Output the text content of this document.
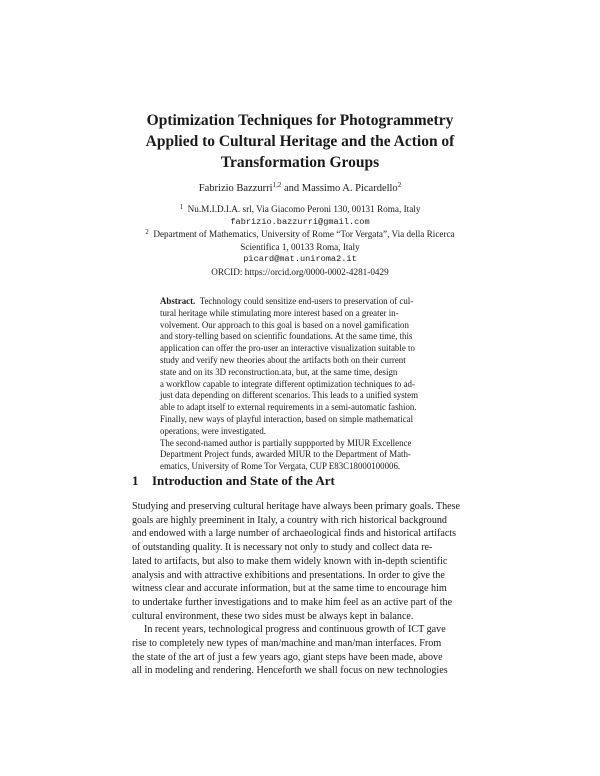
Optimization Techniques for Photogrammetry
Applied to Cultural Heritage and the Action of
Transformation Groups
Fabrizio Bazzurri$^{1,2}$ and Massimo A. Picardello$^2$
$^1$ Nu.M.I.D.I.A. srl, Via Giacomo Peroni 130, 00131 Roma, Italy
fabrizio.bazzurri@gmail.com
$^2$ Department of Mathematics, University of Rome “Tor Vergata”, Via della Ricerca
Scientifica 1, 00133 Roma, Italy
picard@mat.uniroma2.it
ORCID: https://orcid.org/0000-0002-4281-0429
Abstract. Technology could sensitize end-users to preservation of cul-
tural heritage while stimulating more interest based on a greater in-
volvement. Our approach to this goal is based on a novel gamification
and story-telling based on scientific foundations. At the same time, this
application can offer the pro-user an interactive visualization suitable to
study and verify new theories about the artifacts both on their current
state and on its 3D reconstruction.ata, but, at the same time, design
a workflow capable to integrate different optimization techniques to ad-
just data depending on different scenarios. This leads to a unified system
able to adapt itself to external requirements in a semi-automatic fashion.
Finally, new ways of playful interaction, based on simple mathematical
operations, were investigated.
The second-named author is partially suppported by MIUR Excellence
Department Project funds, awarded MIUR to the Department of Math-
ematics, University of Rome Tor Vergata, CUP E83C18000100006.
1 Introduction and State of the Art
Studying and preserving cultural heritage have always been primary goals. These
goals are highly preeminent in Italy, a country with rich historical background
and endowed with a large number of archaeological finds and historical artifacts
of outstanding quality. It is necessary not only to study and collect data re-
lated to artifacts, but also to make them widely known with in-depth scientific
analysis and with attractive exhibitions and presentations. In order to give the
witness clear and accurate information, but at the same time to encourage him
to undertake further investigations and to make him feel as an active part of the
cultural environment, these two sides must be always kept in balance.
In recent years, technological progress and continuous growth of ICT gave
rise to completely new types of man/machine and man/man interfaces. From
the state of the art of just a few years ago, giant steps have been made, above
all in modeling and rendering. Henceforth we shall focus on new technologies
